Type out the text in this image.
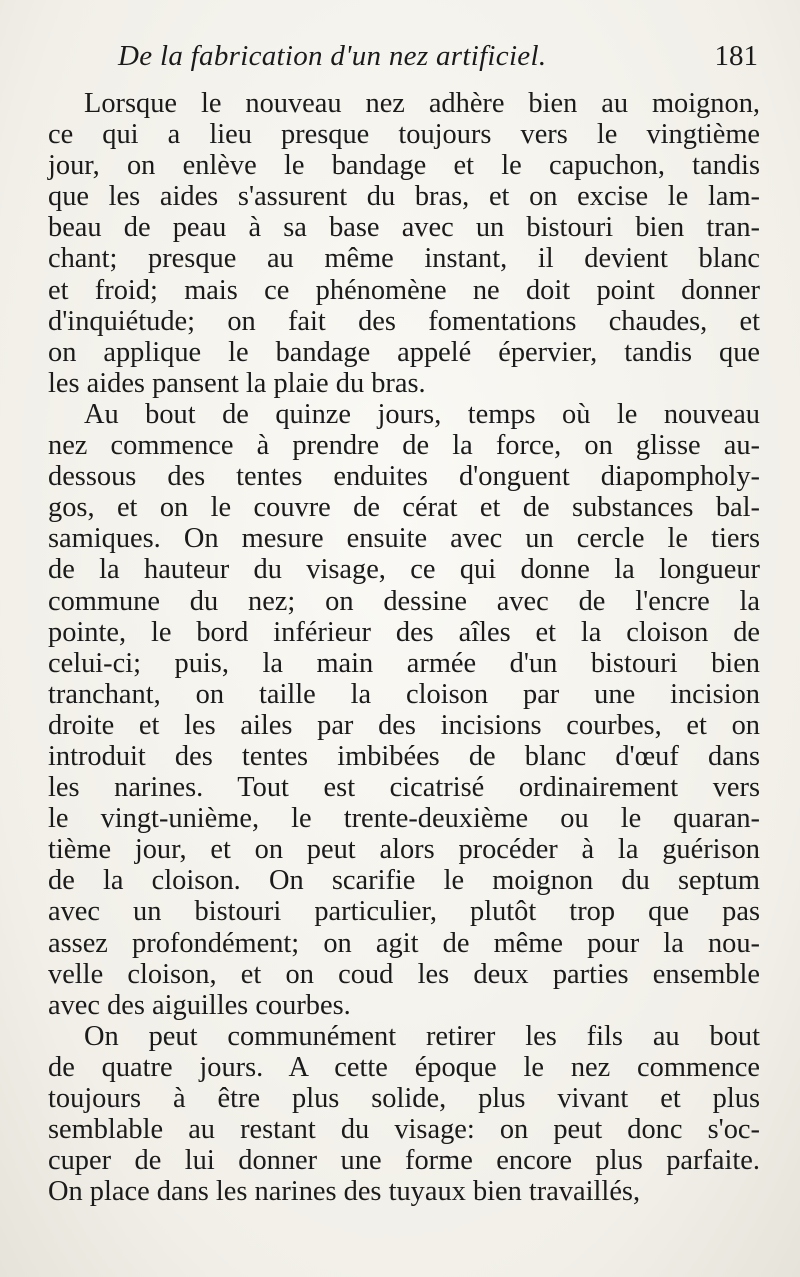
De la fabrication d'un nez artificiel.	181
Lorsque le nouveau nez adhère bien au moignon,
ce qui a lieu presque toujours vers le vingtième
jour, on enlève le bandage et le capuchon, tandis
que les aides s'assurent du bras, et on excise le lam-
beau de peau à sa base avec un bistouri bien tran-
chant; presque au même instant, il devient blanc
et froid; mais ce phénomène ne doit point donner
d'inquiétude; on fait des fomentations chaudes, et
on applique le bandage appelé épervier, tandis que
les aides pansent la plaie du bras.
Au bout de quinze jours, temps où le nouveau
nez commence à prendre de la force, on glisse au-
dessous des tentes enduites d'onguent diapompholy-
gos, et on le couvre de cérat et de substances bal-
samiques. On mesure ensuite avec un cercle le tiers
de la hauteur du visage, ce qui donne la longueur
commune du nez; on dessine avec de l'encre la
pointe, le bord inférieur des aîles et la cloison de
celui-ci; puis, la main armée d'un bistouri bien
tranchant, on taille la cloison par une incision
droite et les ailes par des incisions courbes, et on
introduit des tentes imbibées de blanc d'œuf dans
les narines. Tout est cicatrisé ordinairement vers
le vingt-unième, le trente-deuxième ou le quaran-
tième jour, et on peut alors procéder à la guérison
de la cloison. On scarifie le moignon du septum
avec un bistouri particulier, plutôt trop que pas
assez profondément; on agit de même pour la nou-
velle cloison, et on coud les deux parties ensemble
avec des aiguilles courbes.
On peut communément retirer les fils au bout
de quatre jours. A cette époque le nez commence
toujours à être plus solide, plus vivant et plus
semblable au restant du visage: on peut donc s'oc-
cuper de lui donner une forme encore plus parfaite.
On place dans les narines des tuyaux bien travaillés,
